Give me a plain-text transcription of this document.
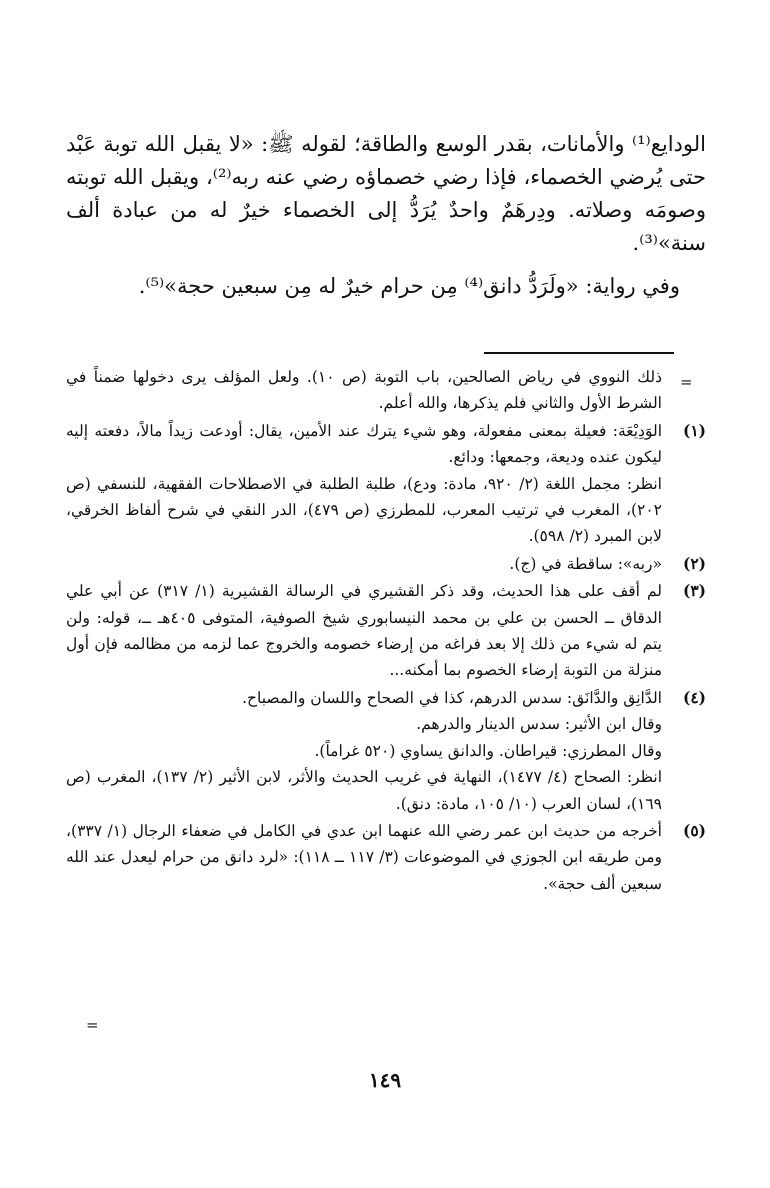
الودايع⁽¹⁾ والأمانات، بقدر الوسع والطاقة؛ لقوله ﷺ: «لا يقبل الله توبة عَبْد حتى يُرضي الخصماء، فإذا رضي خصماؤه رضي عنه ربه⁽²⁾، ويقبل الله توبته وصومَه وصلاته. ودِرهَمٌ واحدٌ يُرَدُّ إلى الخصماء خيرٌ له من عبادة ألف سنة»⁽³⁾.

وفي رواية: «ولَرَدُّ دانق⁽⁴⁾ مِن حرام خيرٌ له مِن سبعين حجة»⁽⁵⁾.

=
ذلك النووي في رياض الصالحين، باب التوبة (ص ١٠). ولعل المؤلف يرى دخولها ضمناً في الشرط الأول والثاني فلم يذكرها، والله أعلم.
(١)

الوَدِيْعَة: فعيلة بمعنى مفعولة، وهو شيء يترك عند الأمين، يقال: أودعت زيداً مالاً، دفعته إليه ليكون عنده وديعة، وجمعها: ودائع.

انظر: مجمل اللغة (٢/ ٩٢٠، مادة: ودع)، طلبة الطلبة في الاصطلاحات الفقهية، للنسفي (ص ٢٠٢)، المغرب في ترتيب المعرب، للمطرزي (ص ٤٧٩)، الدر النقي في شرح ألفاظ الخرقي، لابن المبرد (٢/ ٥٩٨).

(٢)

«ربه»: ساقطة في (ج).

(٣)

لم أقف على هذا الحديث، وقد ذكر القشيري في الرسالة القشيرية (١/ ٣١٧) عن أبي علي الدقاق ــ الحسن بن علي بن محمد النيسابوري شيخ الصوفية، المتوفى ٤٠٥هـ ــ، قوله: ولن يتم له شيء من ذلك إلا بعد فراغه من إرضاء خصومه والخروج عما لزمه من مظالمه فإن أول منزلة من التوبة إرضاء الخصوم بما أمكنه...

(٤)

الدَّانِق والدَّانَق: سدس الدرهم، كذا في الصحاح واللسان والمصباح.

وقال ابن الأثير: سدس الدينار والدرهم.

وقال المطرزي: قيراطان. والدانق يساوي (٥٢٠ غراماً).

انظر: الصحاح (٤/ ١٤٧٧)، النهاية في غريب الحديث والأثر، لابن الأثير (٢/ ١٣٧)، المغرب (ص ١٦٩)، لسان العرب (١٠/ ١٠٥، مادة: دنق).

(٥)

أخرجه من حديث ابن عمر رضي الله عنهما ابن عدي في الكامل في ضعفاء الرجال (١/ ٣٣٧)، ومن طريقه ابن الجوزي في الموضوعات (٣/ ١١٧ ــ ١١٨): «لرد دانق من حرام ليعدل عند الله سبعين ألف حجة».

=
١٤٩
